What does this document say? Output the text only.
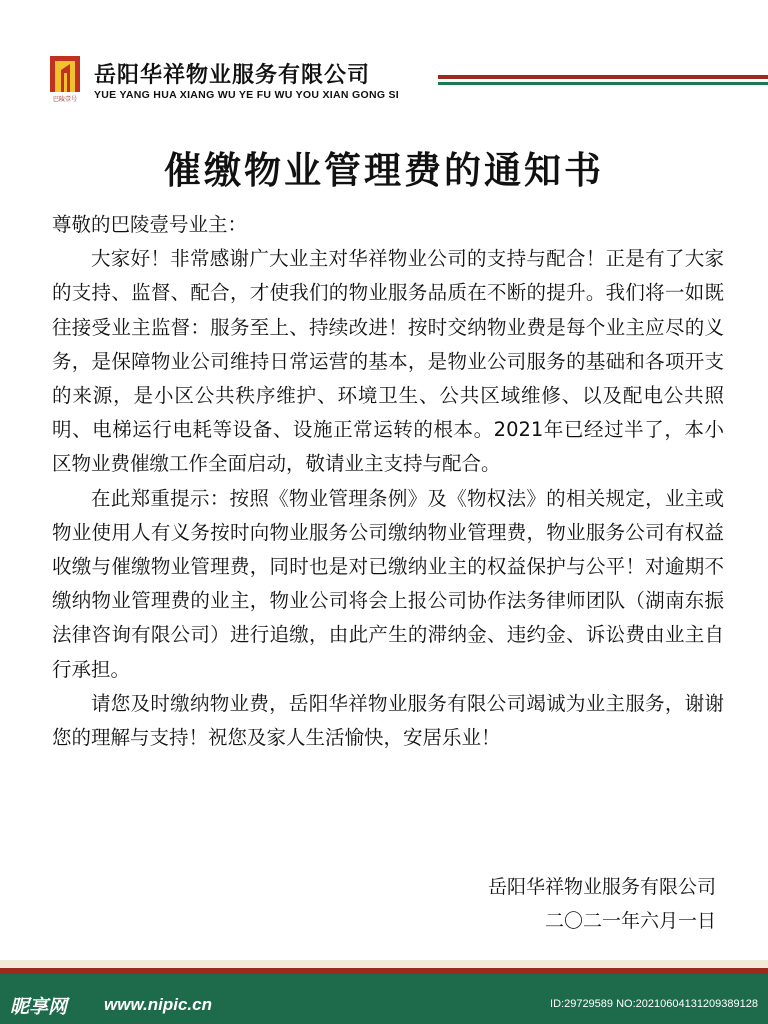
巴陵壹号
岳阳华祥物业服务有限公司
YUE YANG HUA XIANG WU YE FU WU YOU XIAN GONG SI
催缴物业管理费的通知书

尊敬的巴陵壹号业主：

大家好！非常感谢广大业主对华祥物业公司的支持与配合！正是有了大家的支持、监督、配合，才使我们的物业服务品质在不断的提升。我们将一如既往接受业主监督：服务至上、持续改进！按时交纳物业费是每个业主应尽的义务，是保障物业公司维持日常运营的基本，是物业公司服务的基础和各项开支的来源，是小区公共秩序维护、环境卫生、公共区域维修、以及配电公共照明、电梯运行电耗等设备、设施正常运转的根本。2021年已经过半了，本小区物业费催缴工作全面启动，敬请业主支持与配合。

在此郑重提示：按照《物业管理条例》及《物权法》的相关规定，业主或物业使用人有义务按时向物业服务公司缴纳物业管理费，物业服务公司有权益收缴与催缴物业管理费，同时也是对已缴纳业主的权益保护与公平！对逾期不缴纳物业管理费的业主，物业公司将会上报公司协作法务律师团队（湖南东振法律咨询有限公司）进行追缴，由此产生的滞纳金、违约金、诉讼费由业主自行承担。

请您及时缴纳物业费，岳阳华祥物业服务有限公司竭诚为业主服务，谢谢您的理解与支持！祝您及家人生活愉快，安居乐业！

岳阳华祥物业服务有限公司
二〇二一年六月一日
昵享网 www.nipic.cn	ID:29729589 NO:20210604131209389128
